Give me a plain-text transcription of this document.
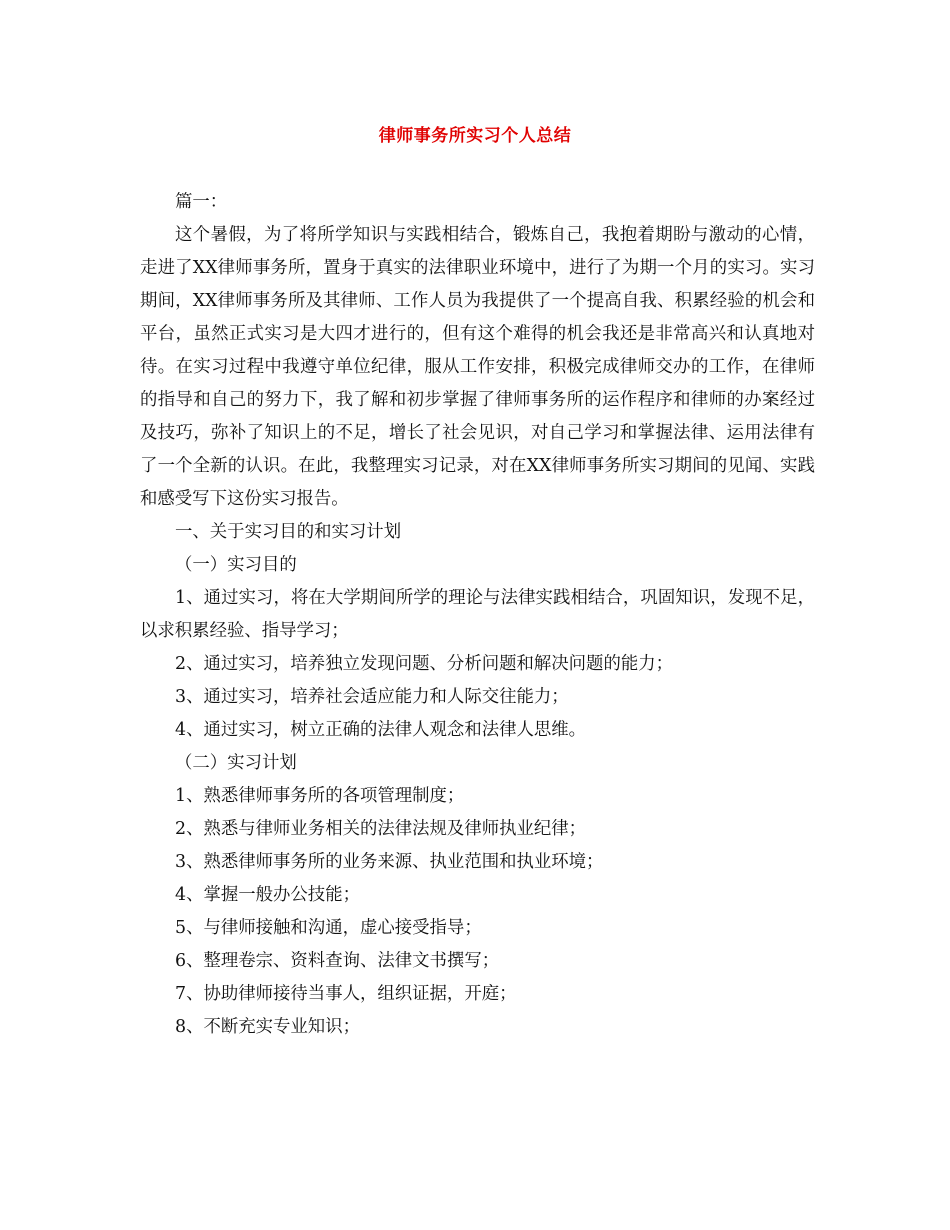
律师事务所实习个人总结

篇一：

这个暑假，为了将所学知识与实践相结合，锻炼自己，我抱着期盼与激动的心情，走进了XX律师事务所，置身于真实的法律职业环境中，进行了为期一个月的实习。实习期间，XX律师事务所及其律师、工作人员为我提供了一个提高自我、积累经验的机会和平台，虽然正式实习是大四才进行的，但有这个难得的机会我还是非常高兴和认真地对待。在实习过程中我遵守单位纪律，服从工作安排，积极完成律师交办的工作，在律师的指导和自己的努力下，我了解和初步掌握了律师事务所的运作程序和律师的办案经过及技巧，弥补了知识上的不足，增长了社会见识，对自己学习和掌握法律、运用法律有了一个全新的认识。在此，我整理实习记录，对在XX律师事务所实习期间的见闻、实践和感受写下这份实习报告。

一、关于实习目的和实习计划

（一）实习目的

1、通过实习，将在大学期间所学的理论与法律实践相结合，巩固知识，发现不足，以求积累经验、指导学习；

2、通过实习，培养独立发现问题、分析问题和解决问题的能力；

3、通过实习，培养社会适应能力和人际交往能力；

4、通过实习，树立正确的法律人观念和法律人思维。

（二）实习计划

1、熟悉律师事务所的各项管理制度；

2、熟悉与律师业务相关的法律法规及律师执业纪律；

3、熟悉律师事务所的业务来源、执业范围和执业环境；

4、掌握一般办公技能；

5、与律师接触和沟通，虚心接受指导；

6、整理卷宗、资料查询、法律文书撰写；

7、协助律师接待当事人，组织证据，开庭；

8、不断充实专业知识；
